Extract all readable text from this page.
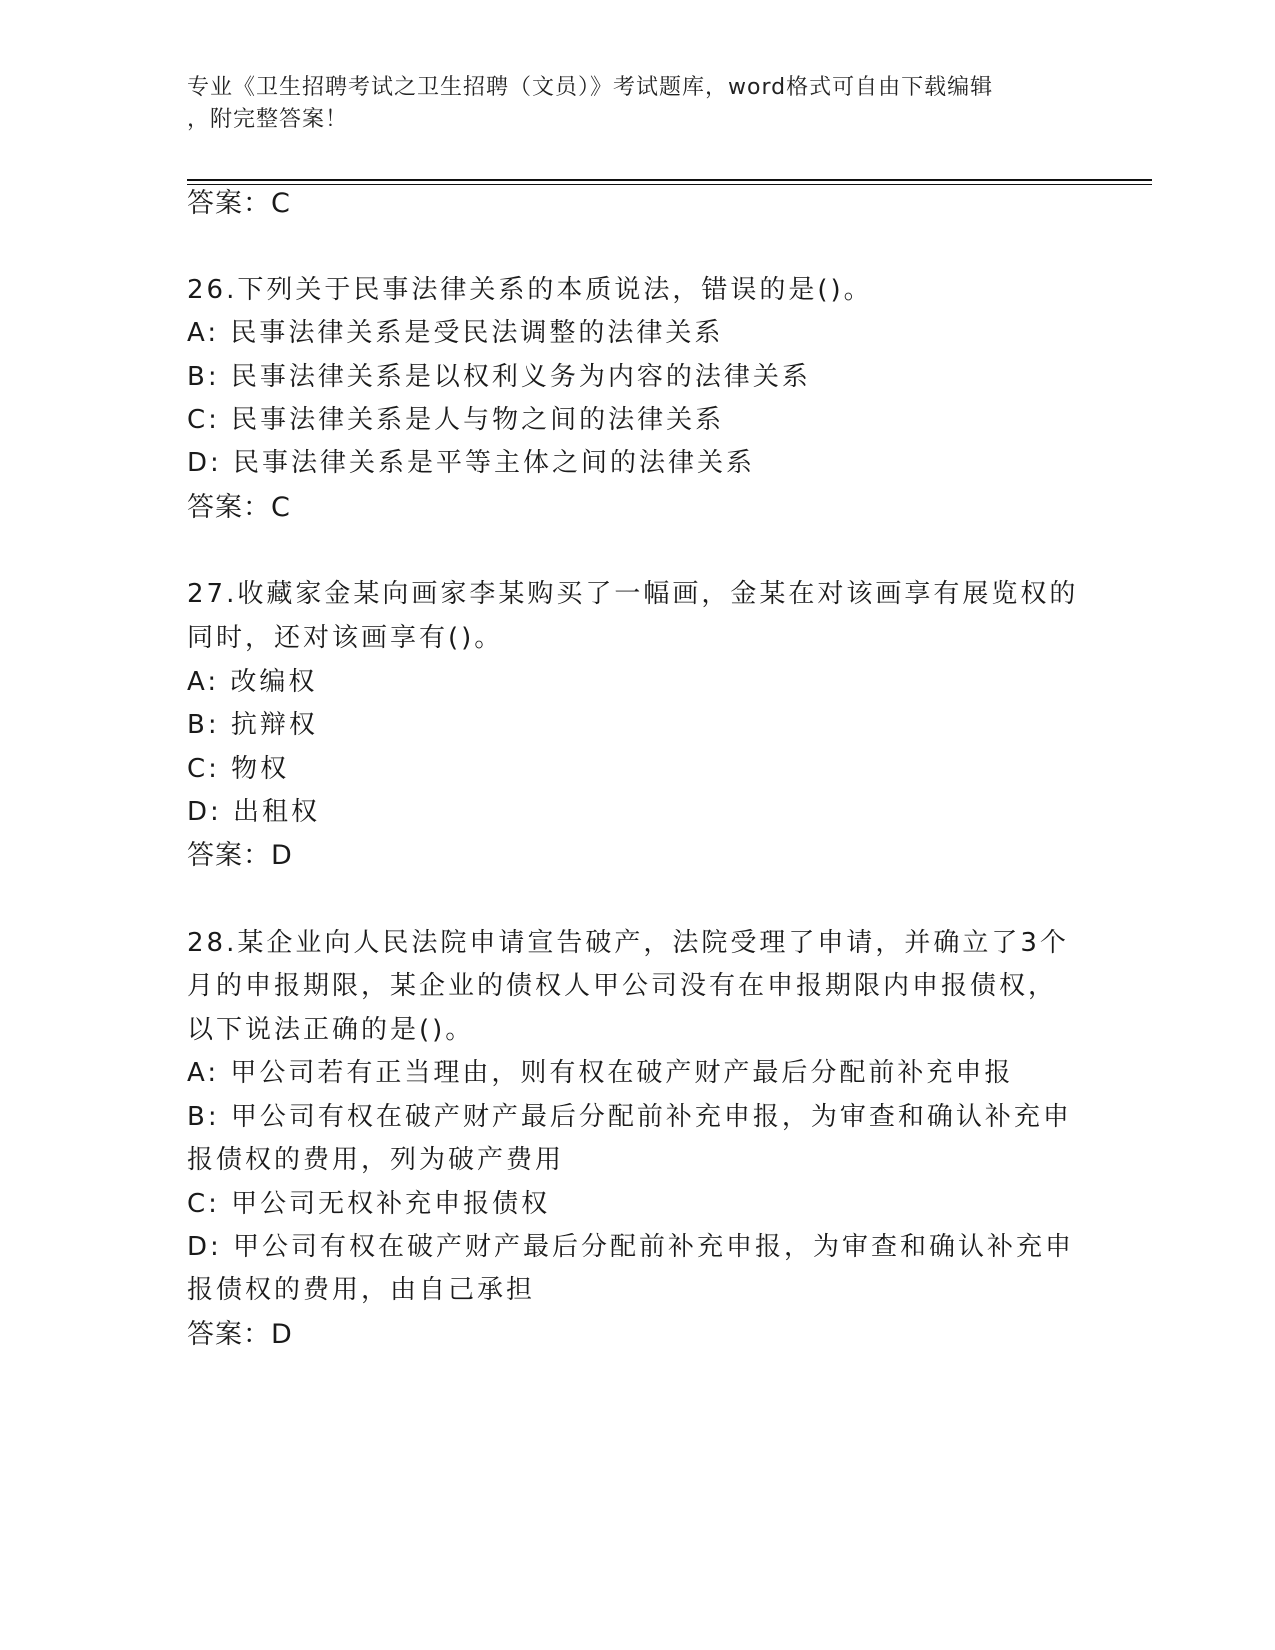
专业《卫生招聘考试之卫生招聘（文员）》考试题库，word格式可自由下载编辑
，附完整答案！
答案：C
26.下列关于民事法律关系的本质说法，错误的是()。
A: 民事法律关系是受民法调整的法律关系
B: 民事法律关系是以权利义务为内容的法律关系
C: 民事法律关系是人与物之间的法律关系
D: 民事法律关系是平等主体之间的法律关系
答案：C
27.收藏家金某向画家李某购买了一幅画，金某在对该画享有展览权的
同时，还对该画享有()。
A: 改编权
B: 抗辩权
C: 物权
D: 出租权
答案：D
28.某企业向人民法院申请宣告破产，法院受理了申请，并确立了3个
月的申报期限，某企业的债权人甲公司没有在申报期限内申报债权，
以下说法正确的是()。
A: 甲公司若有正当理由，则有权在破产财产最后分配前补充申报
B: 甲公司有权在破产财产最后分配前补充申报，为审查和确认补充申
报债权的费用，列为破产费用
C: 甲公司无权补充申报债权
D: 甲公司有权在破产财产最后分配前补充申报，为审查和确认补充申
报债权的费用，由自己承担
答案：D
